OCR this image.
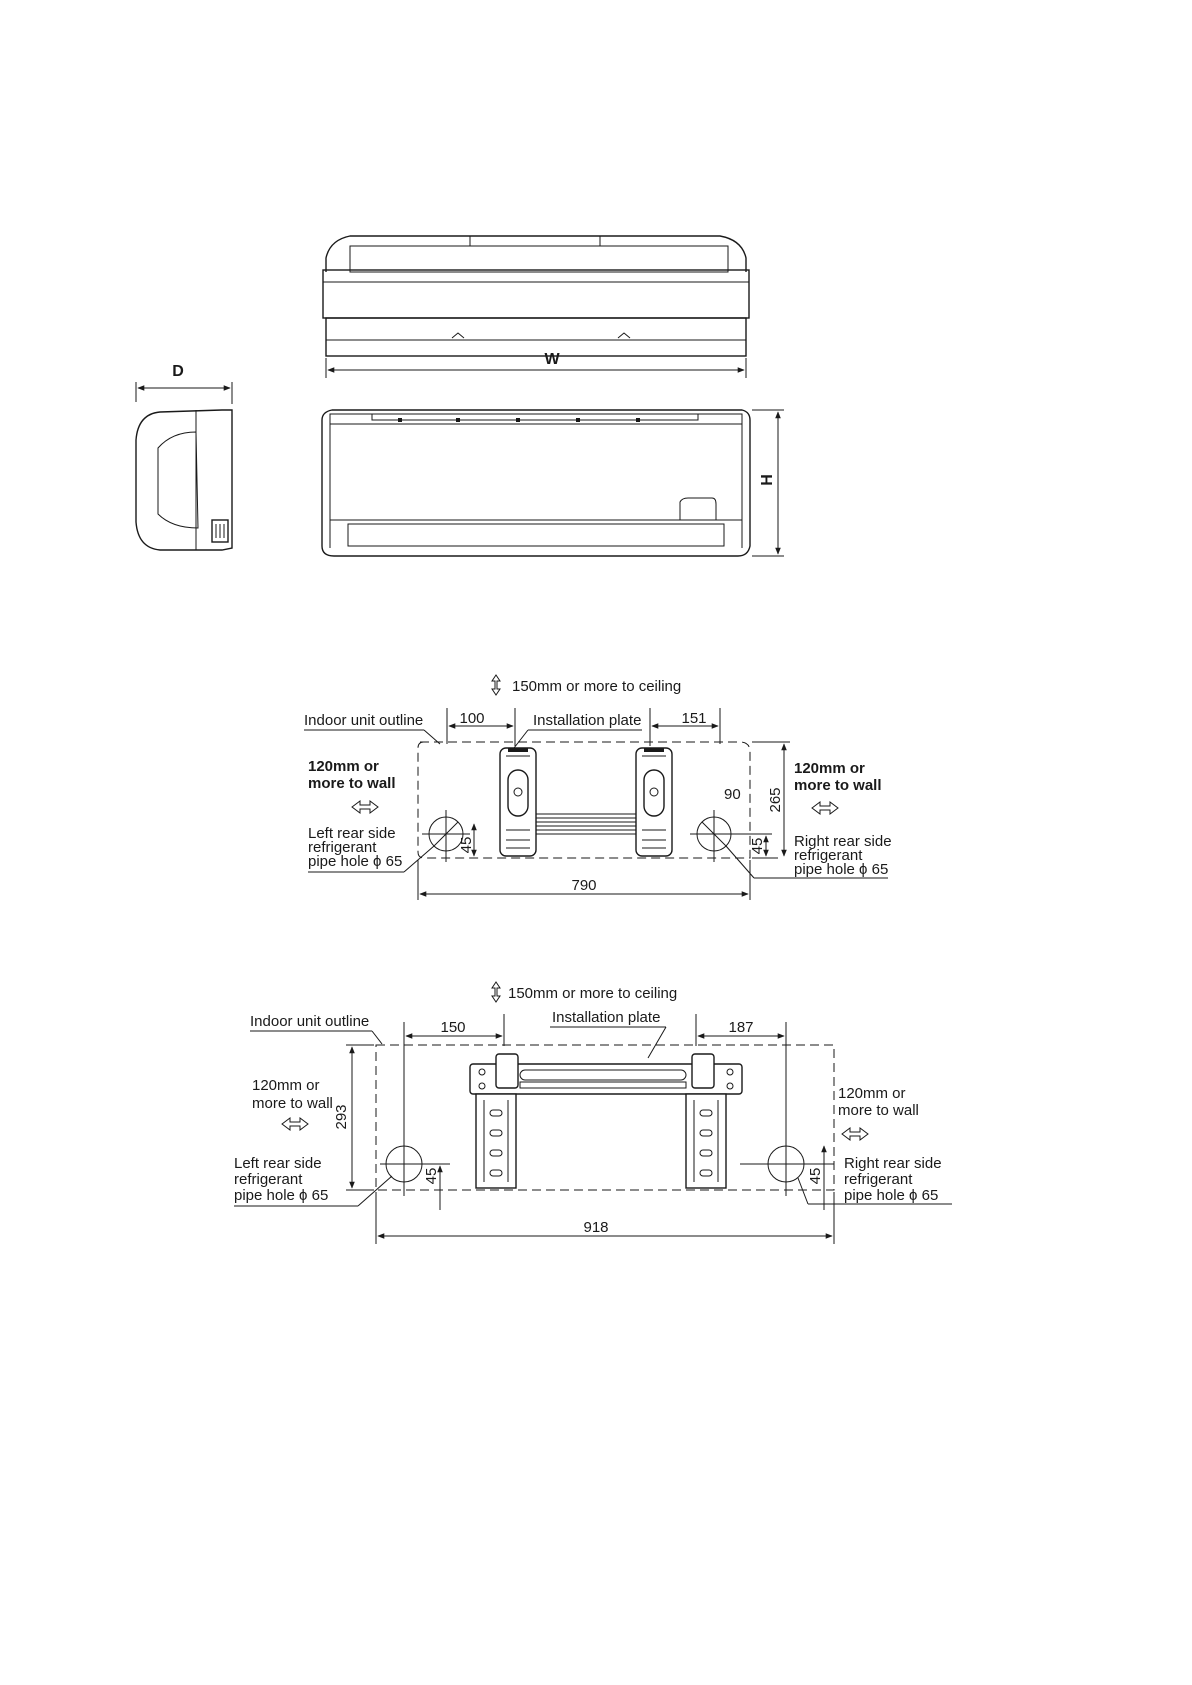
W
D
H
150mm or more to ceiling
Indoor unit outline	Installation plate
100	151
120mm or
more to wall
120mm or
more to wall
45
90
45
265
Left rear side
refrigerant
pipe hole ϕ 65
Right rear side
refrigerant
pipe hole ϕ 65
790
150mm or more to ceiling
Indoor unit outline	Installation plate
150	187
120mm or
more to wall
120mm or
more to wall
293
45	45
Left rear side
refrigerant
pipe hole ϕ 65
Right rear side
refrigerant
pipe hole ϕ 65
918
